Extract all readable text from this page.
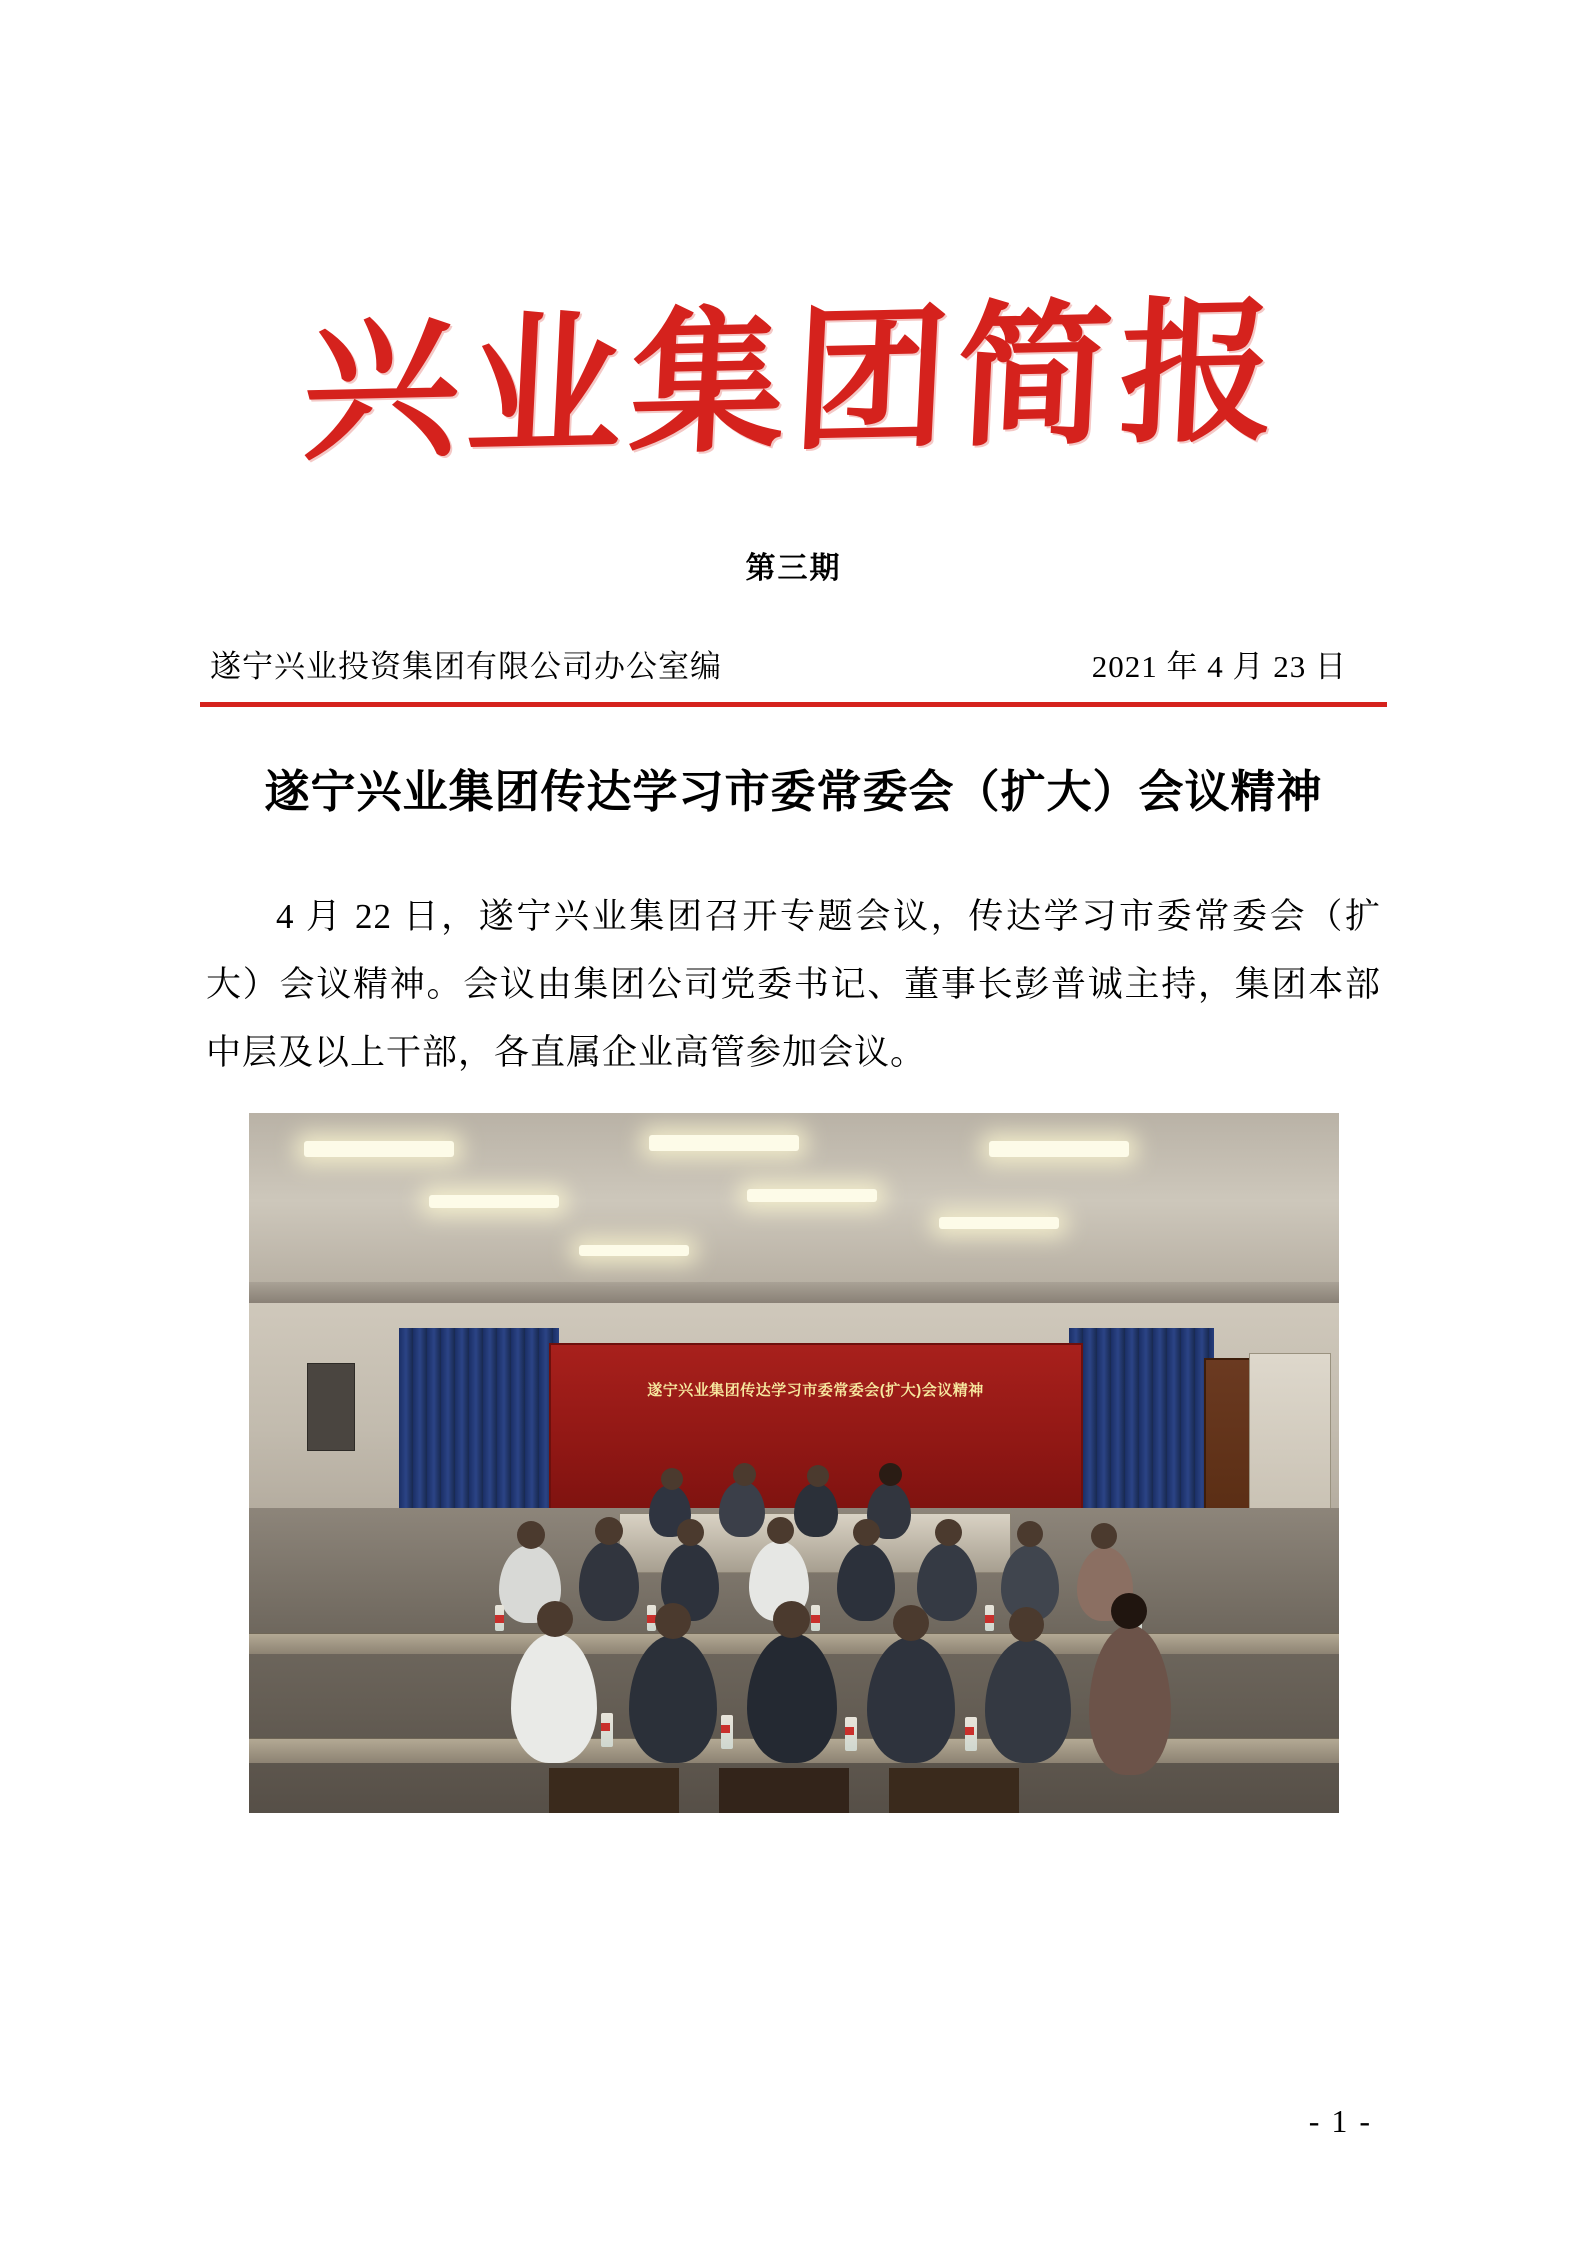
兴业集团简报
第三期
遂宁兴业投资集团有限公司办公室编	2021 年 4 月 23 日
遂宁兴业集团传达学习市委常委会（扩大）会议精神
4 月 22 日，遂宁兴业集团召开专题会议，传达学习市委常委会（扩大）会议精神。会议由集团公司党委书记、董事长彭普诚主持，集团本部中层及以上干部，各直属企业高管参加会议。
遂宁兴业集团传达学习市委常委会(扩大)会议精神
- 1 -
